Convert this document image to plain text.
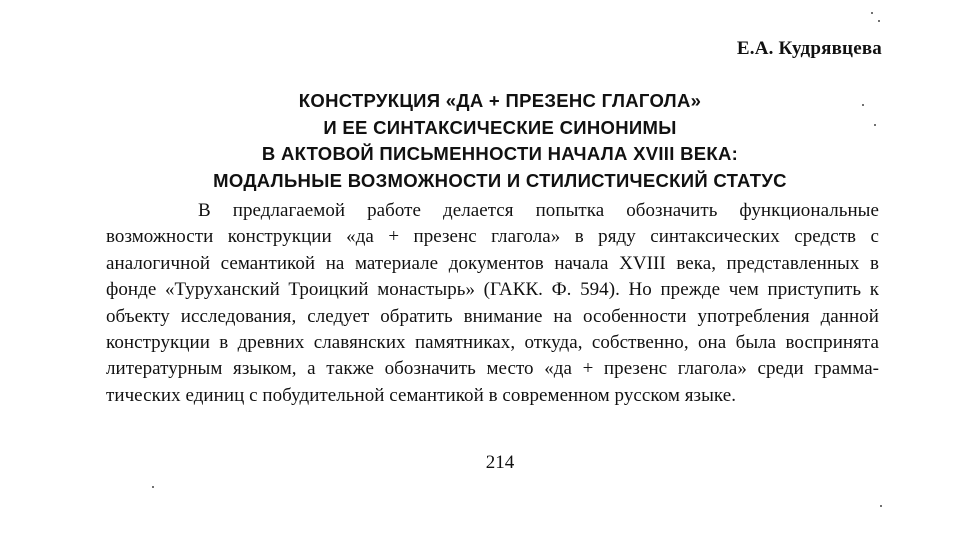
Е.А. Кудрявцева
КОНСТРУКЦИЯ «ДА + ПРЕЗЕНС ГЛАГОЛА»
И ЕЕ СИНТАКСИЧЕСКИЕ СИНОНИМЫ
В АКТОВОЙ ПИСЬМЕННОСТИ НАЧАЛА XVIII ВЕКА:
МОДАЛЬНЫЕ ВОЗМОЖНОСТИ И СТИЛИСТИЧЕСКИЙ СТАТУС
В предлагаемой работе делается попытка обозначить функциональные возможности конструкции «да + презенс глагола» в ряду синтаксических средств с аналогичной семантикой на материале документов начала XVIII века, представленных в фонде «Туруханский Троицкий монастырь» (ГАКК. Ф. 594). Но прежде чем приступить к объекту исследования, следует обратить внимание на особенности употребления данной конструкции в древних славянских памятниках, откуда, собственно, она была воспринята литературным языком, а также обозначить место «да + презенс глагола» среди грамматических единиц с побудительной семантикой в современном русском языке.
214
